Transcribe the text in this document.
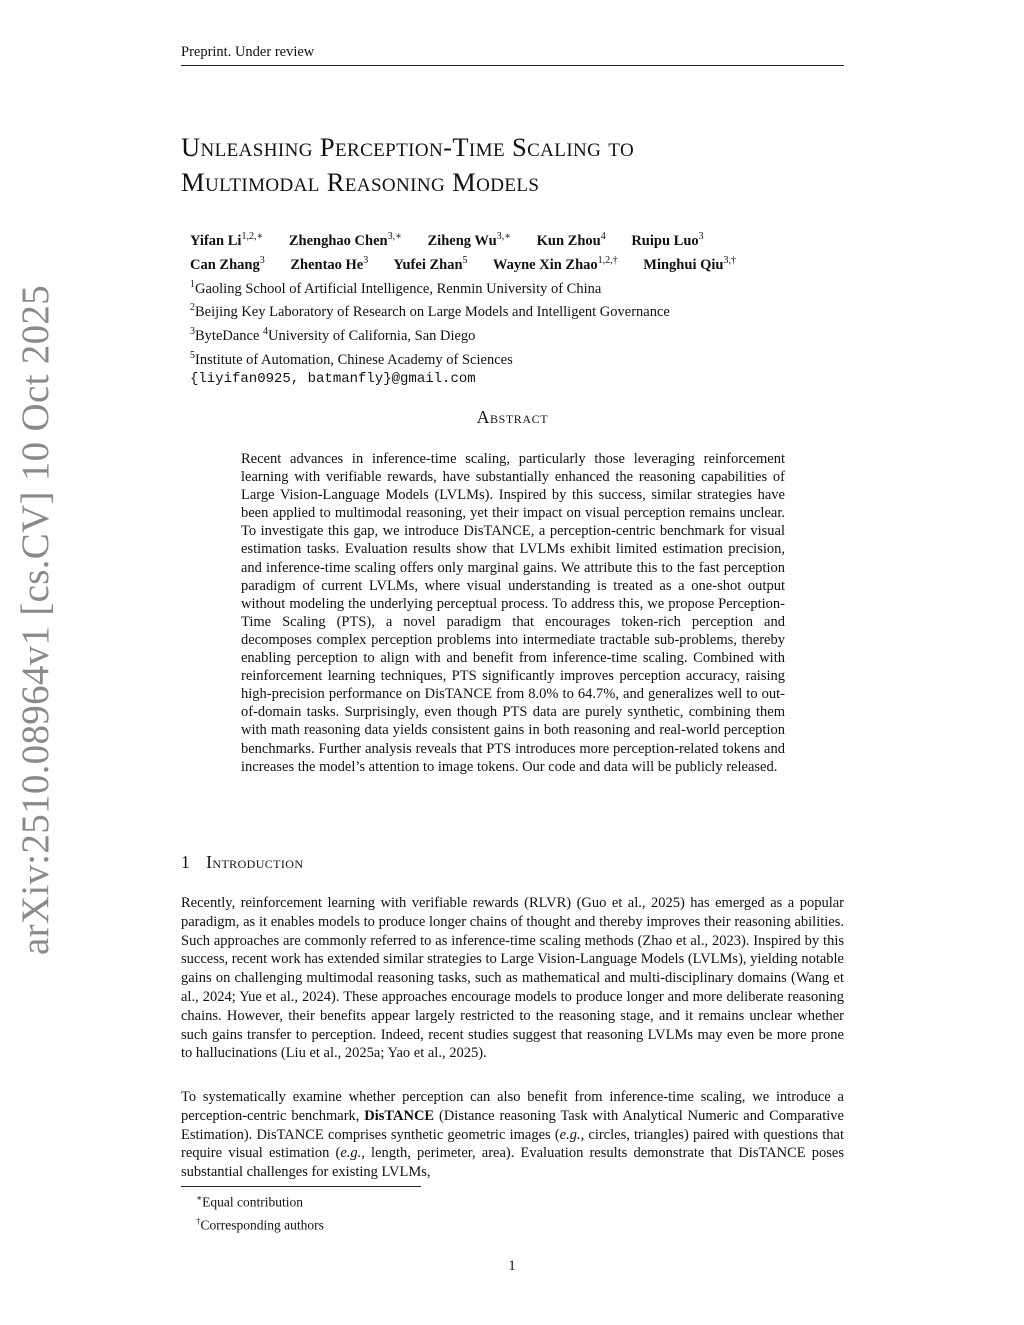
Preprint. Under review
arXiv:2510.08964v1 [cs.CV] 10 Oct 2025
Unleashing Perception-Time Scaling to
Multimodal Reasoning Models
Yifan $Li^{1,2,∗}$ Zhenghao Chen$^{3,∗}$ Ziheng $Wu^{3,∗}$ Kun Zhou$^4$ Ruipu Luo$^3$
Can Zhang$^3$ Zhentao He$^3$ Yufei Zhan$^5$ Wayne Xin Zhao$^{1,2,\dagger}$ Minghui Qiu$^{3,\dagger}$
$^1$Gaoling School of Artificial Intelligence, Renmin University of China
$^2$Beijing Key Laboratory of Research on Large Models and Intelligent Governance
$^3$ByteDance $^4$University of California, San Diego
$^5$Institute of Automation, Chinese Academy of Sciences
{liyifan0925, batmanfly}@gmail.com
Abstract

Recent advances in inference-time scaling, particularly those leveraging reinforcement learning with verifiable rewards, have substantially enhanced the reasoning capabilities of Large Vision-Language Models (LVLMs). Inspired by this success, similar strategies have been applied to multimodal reasoning, yet their impact on visual perception remains unclear. To investigate this gap, we introduce DisTANCE, a perception-centric benchmark for visual estimation tasks. Evaluation results show that LVLMs exhibit limited estimation precision, and inference-time scaling offers only marginal gains. We attribute this to the fast perception paradigm of current LVLMs, where visual understanding is treated as a one-shot output without modeling the underlying perceptual process. To address this, we propose Perception-Time Scaling (PTS), a novel paradigm that encourages token-rich perception and decomposes complex perception problems into intermediate tractable sub-problems, thereby enabling perception to align with and benefit from inference-time scaling. Combined with reinforcement learning techniques, PTS significantly improves perception accuracy, raising high-precision performance on DisTANCE from 8.0% to 64.7%, and generalizes well to out-of-domain tasks. Surprisingly, even though PTS data are purely synthetic, combining them with math reasoning data yields consistent gains in both reasoning and real-world perception benchmarks. Further analysis reveals that PTS introduces more perception-related tokens and increases the model’s attention to image tokens. Our code and data will be publicly released.

1 Introduction

Recently, reinforcement learning with verifiable rewards (RLVR) (Guo et al., 2025) has emerged as a popular paradigm, as it enables models to produce longer chains of thought and thereby improves their reasoning abilities. Such approaches are commonly referred to as inference-time scaling methods (Zhao et al., 2023). Inspired by this success, recent work has extended similar strategies to Large Vision-Language Models (LVLMs), yielding notable gains on challenging multimodal reasoning tasks, such as mathematical and multi-disciplinary domains (Wang et al., 2024; Yue et al., 2024). These approaches encourage models to produce longer and more deliberate reasoning chains. However, their benefits appear largely restricted to the reasoning stage, and it remains unclear whether such gains transfer to perception. Indeed, recent studies suggest that reasoning LVLMs may even be more prone to hallucinations (Liu et al., 2025a; Yao et al., 2025).

To systematically examine whether perception can also benefit from inference-time scaling, we introduce a perception-centric benchmark, DisTANCE (Distance reasoning Task with Analytical Numeric and Comparative Estimation). DisTANCE comprises synthetic geometric images (e.g., circles, triangles) paired with questions that require visual estimation (e.g., length, perimeter, area). Evaluation results demonstrate that DisTANCE poses substantial challenges for existing LVLMs,

∗Equal contribution
†Corresponding authors
1
